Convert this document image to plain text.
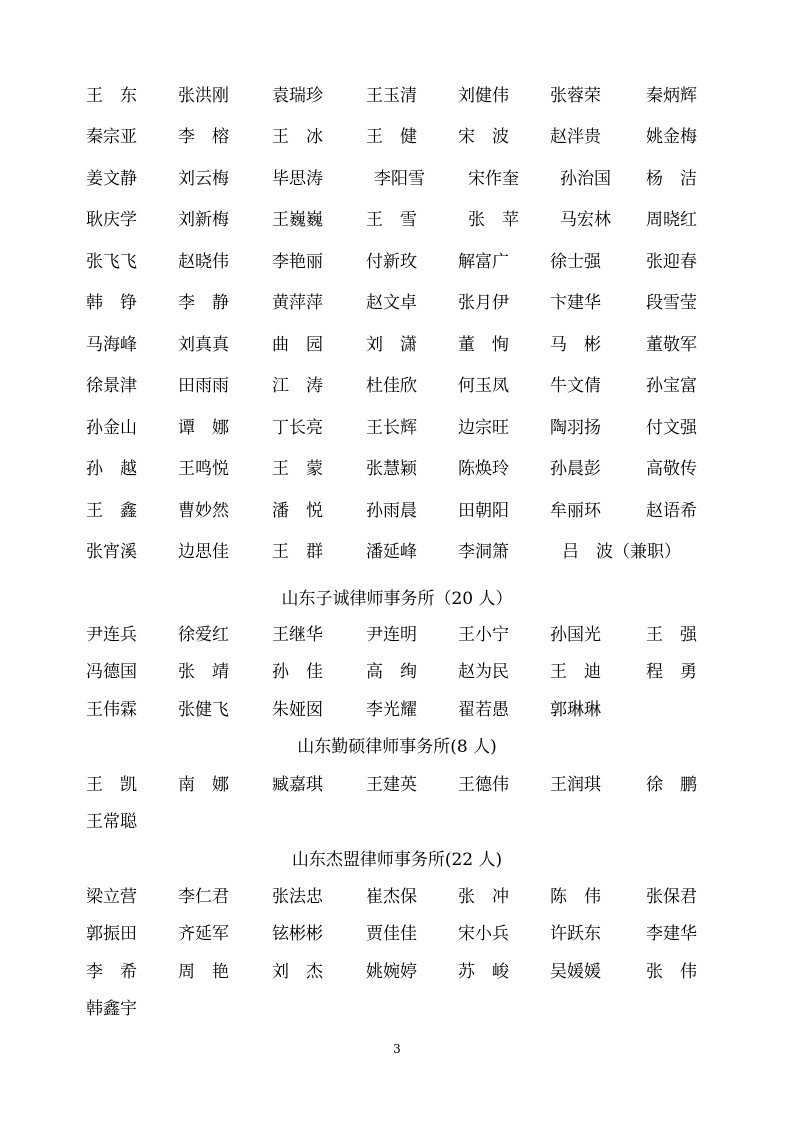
王　东 张洪刚	袁瑞珍	王玉清 刘健伟 张蓉荣	秦炳辉
秦宗亚 李　榕	王　冰	王　健 宋　波 赵泮贵	姚金梅
姜文静 刘云梅	毕思涛	李阳雪	宋作奎 孙治国 杨　洁
耿庆学 刘新梅	王巍巍	王　雪	张　苹 马宏林 周晓红
张飞飞 赵晓伟	李艳丽	付新玫 解富广 徐士强	张迎春
韩　铮 李　静	黄萍萍	赵文卓 张月伊 卞建华	段雪莹
马海峰 刘真真	曲　园	刘　潇 董　恂 马　彬	董敬军
徐景津 田雨雨	江　涛	杜佳欣 何玉凤 牛文倩	孙宝富
孙金山 谭　娜	丁长亮	王长辉 边宗旺 陶羽扬	付文强
孙　越 王鸣悦	王　蒙	张慧颖 陈焕玲 孙晨彭	高敬传
王　鑫 曹妙然	潘　悦	孙雨晨 田朝阳 牟丽环	赵语希
张宵溪 边思佳	王　群	潘延峰 李洞箫	吕　波（兼职）
山东子诚律师事务所（20 人）
尹连兵 徐爱红	王继华	尹连明 王小宁 孙国光	王　强
冯德国 张　靖	孙　佳	高　绚 赵为民 王　迪	程　勇
王伟霖 张健飞	朱娅囡	李光耀 翟若愚 郭琳琳
山东勤硕律师事务所(8 人)
王　凯 南　娜	臧嘉琪	王建英 王德伟 王润琪	徐　鹏
王常聪
山东杰盟律师事务所(22 人)
梁立营 李仁君	张法忠	崔杰保 张　冲 陈　伟	张保君
郭振田 齐延军	铉彬彬	贾佳佳 宋小兵 许跃东	李建华
李　希 周　艳	刘　杰	姚婉婷 苏　峻 吴媛媛	张　伟
韩鑫宇
3
